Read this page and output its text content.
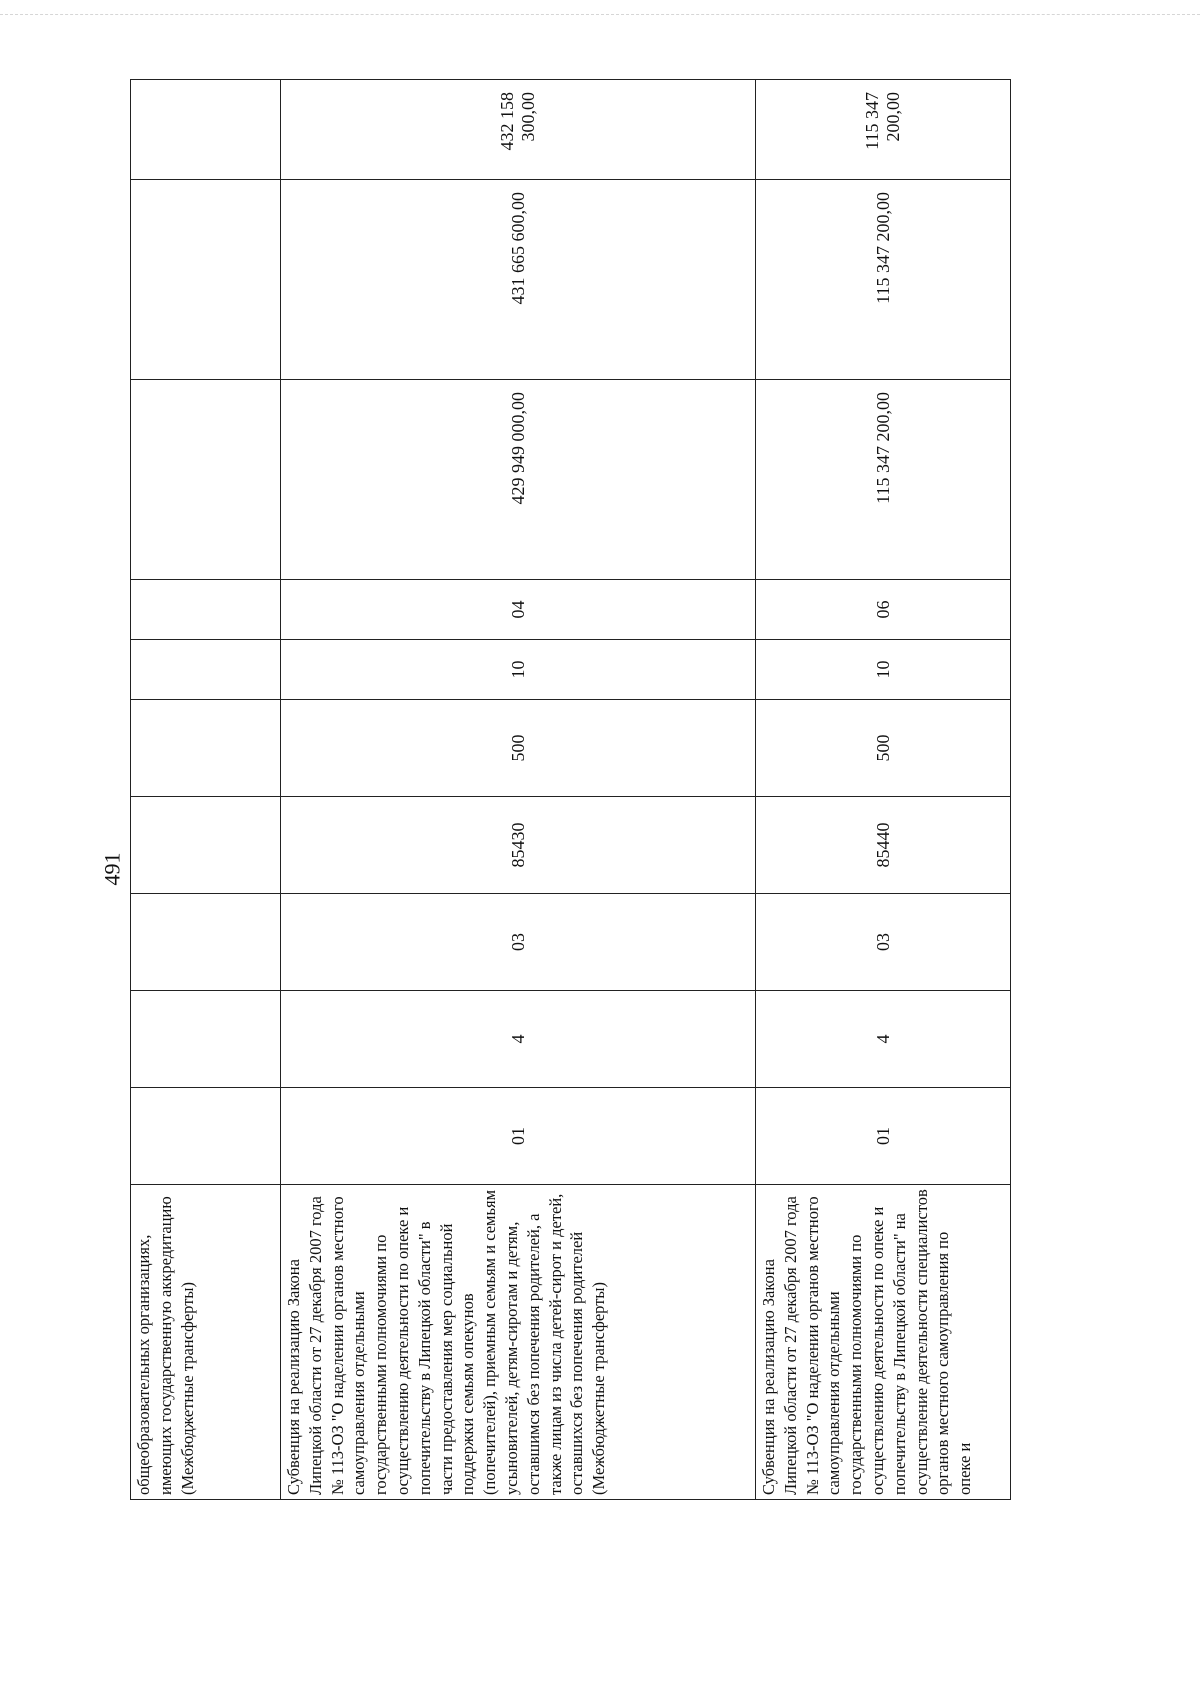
491
общеобразовательных организациях, имеющих государственную аккредитацию (Межбюджетные трансферты)										
Субвенция на реализацию Закона Липецкой области от 27 декабря 2007 года № 113-ОЗ "О наделении органов местного самоуправления отдельными государственными полномочиями по осуществлению деятельности по опеке и попечительству в Липецкой области" в части предоставления мер социальной поддержки семьям опекунов (попечителей), приемным семьям и семьям усыновителей, детям-сиротам и детям, оставшимся без попечения родителей, а также лицам из числа детей-сирот и детей, оставшихся без попечения родителей (Межбюджетные трансферты)	01	4	03	85430	500	10	04	429 949 000,00	431 665 600,00	432 158 300,00
Субвенция на реализацию Закона Липецкой области от 27 декабря 2007 года № 113-ОЗ "О наделении органов местного самоуправления отдельными государственными полномочиями по осуществлению деятельности по опеке и попечительству в Липецкой области" на осуществление деятельности специалистов органов местного самоуправления по опеке и	01	4	03	85440	500	10	06	115 347 200,00	115 347 200,00	115 347 200,00
